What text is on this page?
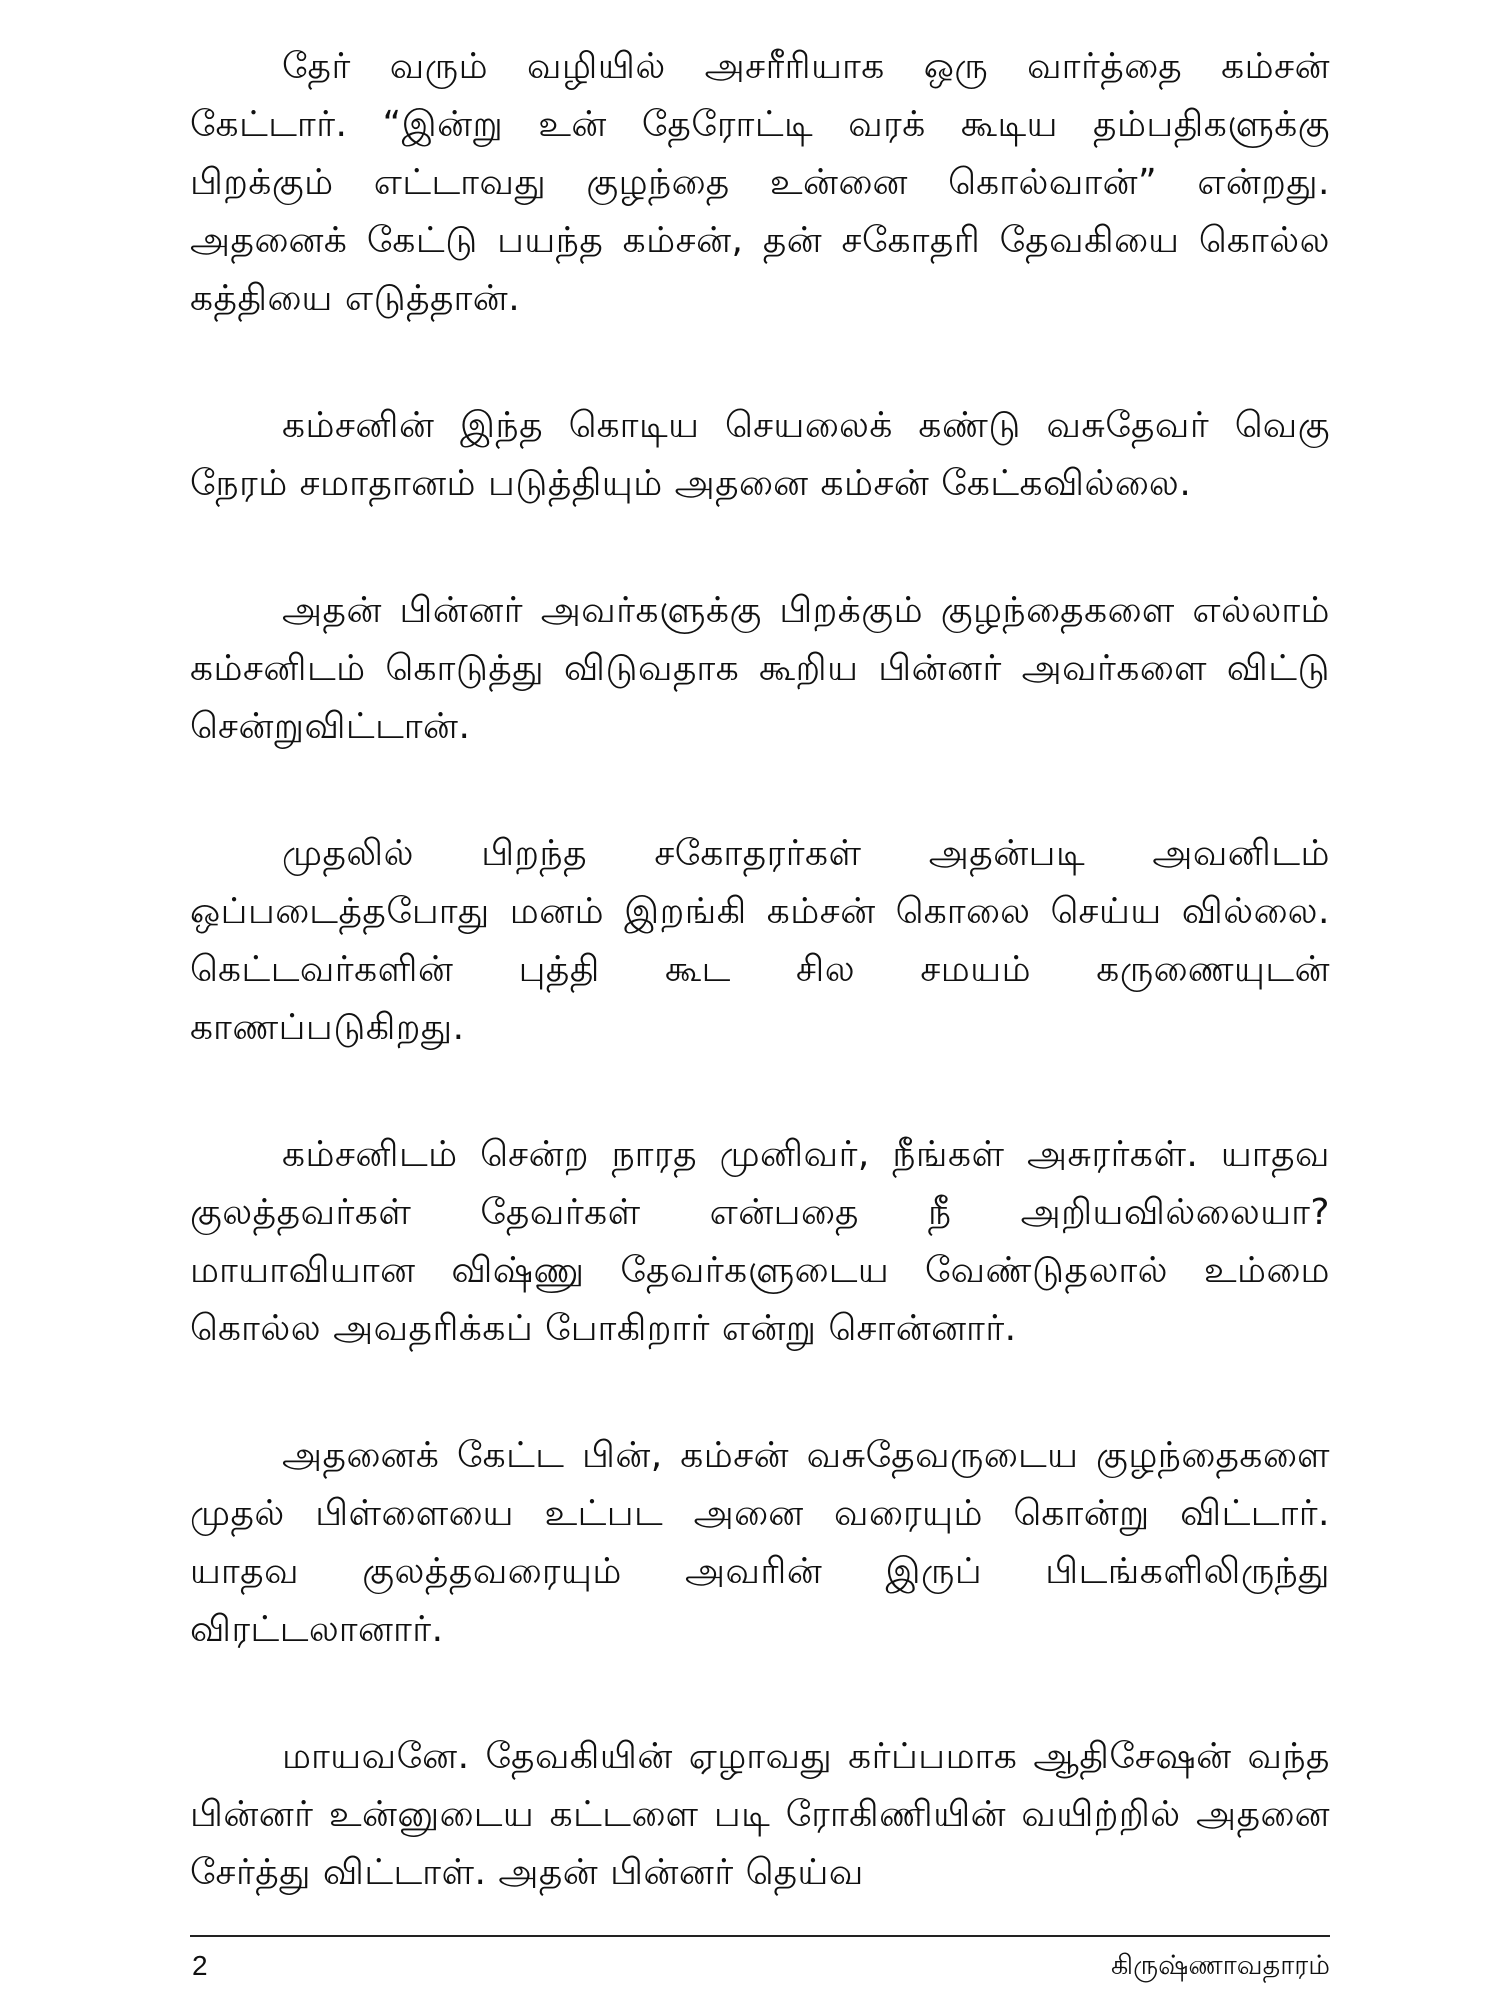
தேர் வரும் வழியில் அசரீரியாக ஒரு வார்த்தை கம்சன் கேட்டார். “இன்று உன் தேரோட்டி வரக் கூடிய தம்பதிகளுக்கு பிறக்கும் எட்டாவது குழந்தை உன்னை கொல்வான்” என்றது. அதனைக் கேட்டு பயந்த கம்சன், தன் சகோதரி தேவகியை கொல்ல கத்தியை எடுத்தான்.

கம்சனின் இந்த கொடிய செயலைக் கண்டு வசுதேவர் வெகு நேரம் சமாதானம் படுத்தியும் அதனை கம்சன் கேட்கவில்லை.

அதன் பின்னர் அவர்களுக்கு பிறக்கும் குழந்தைகளை எல்லாம் கம்சனிடம் கொடுத்து விடுவதாக கூறிய பின்னர் அவர்களை விட்டு சென்றுவிட்டான்.

முதலில் பிறந்த சகோதரர்கள் அதன்படி அவனிடம் ஒப்படைத்தபோது மனம் இறங்கி கம்சன் கொலை செய்ய வில்லை. கெட்டவர்களின் புத்தி கூட சில சமயம் கருணையுடன் காணப்படுகிறது.

கம்சனிடம் சென்ற நாரத முனிவர், நீங்கள் அசுரர்கள். யாதவ குலத்தவர்கள் தேவர்கள் என்பதை நீ அறியவில்லையா? மாயாவியான விஷ்ணு தேவர்களுடைய வேண்டுதலால் உம்மை கொல்ல அவதரிக்கப் போகிறார் என்று சொன்னார்.

அதனைக் கேட்ட பின், கம்சன் வசுதேவருடைய குழந்தைகளை முதல் பிள்ளையை உட்பட அனை வரையும் கொன்று விட்டார். யாதவ குலத்தவரையும் அவரின் இருப் பிடங்களிலிருந்து விரட்டலானார்.

மாயவனே. தேவகியின் ஏழாவது கர்ப்பமாக ஆதிசேஷன் வந்த பின்னர் உன்னுடைய கட்டளை படி ரோகிணியின் வயிற்றில் அதனை சேர்த்து விட்டாள். அதன் பின்னர் தெய்வ

2	கிருஷ்ணாவதாரம்
